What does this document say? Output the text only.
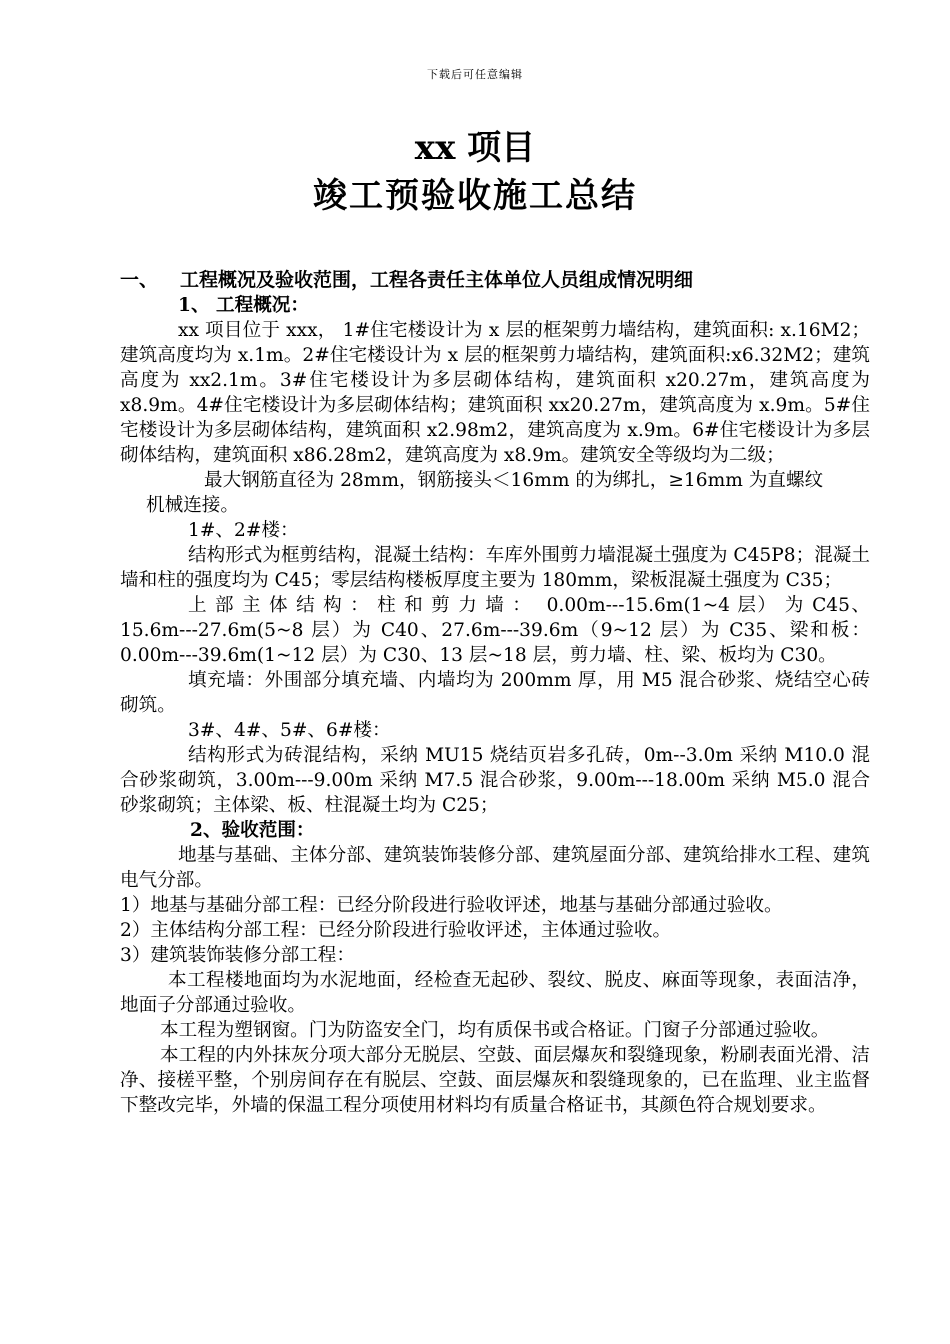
下载后可任意编辑
xx 项目
竣工预验收施工总结

一、 工程概况及验收范围，工程各责任主体单位人员组成情况明细

1、 工程概况：

xx 项目位于 xxx， 1#住宅楼设计为 x 层的框架剪力墙结构，建筑面积: x.16M2；建筑高度均为 x.1m。2#住宅楼设计为 x 层的框架剪力墙结构，建筑面积:x6.32M2；建筑高度为 xx2.1m。3#住宅楼设计为多层砌体结构，建筑面积 x20.27m，建筑高度为 x8.9m。4#住宅楼设计为多层砌体结构；建筑面积 xx20.27m，建筑高度为 x.9m。5#住宅楼设计为多层砌体结构，建筑面积 x2.98m2，建筑高度为 x.9m。6#住宅楼设计为多层砌体结构，建筑面积 x86.28m2，建筑高度为 x8.9m。建筑安全等级均为二级；

最大钢筋直径为 28mm，钢筋接头＜16mm 的为绑扎，≥16mm 为直螺纹

机械连接。

1#、2#楼：

结构形式为框剪结构，混凝土结构：车库外围剪力墙混凝土强度为 C45P8；混凝土墙和柱的强度均为 C45；零层结构楼板厚度主要为 180mm，梁板混凝土强度为 C35；

上部主体结构：柱和剪力墙： 0.00m---15.6m(1~4 层） 为 C45、15.6m---27.6m(5~8 层）为 C40、27.6m---39.6m（9~12 层）为 C35、梁和板：0.00m---39.6m(1~12 层）为 C30、13 层~18 层，剪力墙、柱、梁、板均为 C30。

填充墙：外围部分填充墙、内墙均为 200mm 厚，用 M5 混合砂浆、烧结空心砖砌筑。

3#、4#、5#、6#楼：

结构形式为砖混结构，采纳 MU15 烧结页岩多孔砖，0m--3.0m 采纳 M10.0 混合砂浆砌筑，3.00m---9.00m 采纳 M7.5 混合砂浆，9.00m---18.00m 采纳 M5.0 混合砂浆砌筑；主体梁、板、柱混凝土均为 C25；

2、验收范围：

地基与基础、主体分部、建筑装饰装修分部、建筑屋面分部、建筑给排水工程、建筑电气分部。

1）地基与基础分部工程：已经分阶段进行验收评述，地基与基础分部通过验收。

2）主体结构分部工程：已经分阶段进行验收评述，主体通过验收。

3）建筑装饰装修分部工程：

本工程楼地面均为水泥地面，经检查无起砂、裂纹、脱皮、麻面等现象，表面洁净，地面子分部通过验收。

本工程为塑钢窗。门为防盗安全门，均有质保书或合格证。门窗子分部通过验收。

本工程的内外抹灰分项大部分无脱层、空鼓、面层爆灰和裂缝现象，粉刷表面光滑、洁净、接槎平整，个别房间存在有脱层、空鼓、面层爆灰和裂缝现象的，已在监理、业主监督下整改完毕，外墙的保温工程分项使用材料均有质量合格证书，其颜色符合规划要求。
